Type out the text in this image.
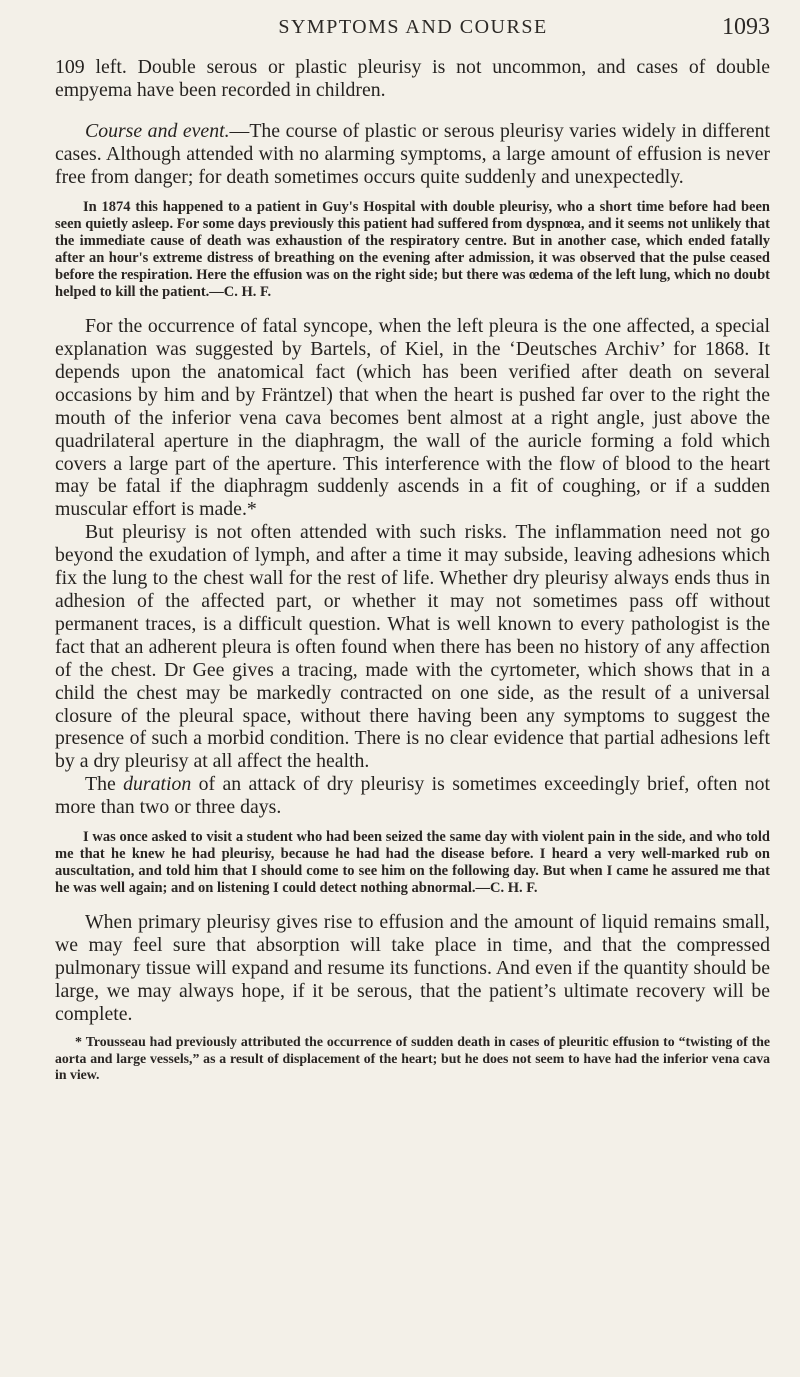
SYMPTOMS AND COURSE	1093

109 left. Double serous or plastic pleurisy is not uncommon, and cases of double empyema have been recorded in children.

Course and event.—The course of plastic or serous pleurisy varies widely in different cases. Although attended with no alarming symptoms, a large amount of effusion is never free from danger; for death sometimes occurs quite suddenly and unexpectedly.

In 1874 this happened to a patient in Guy's Hospital with double pleurisy, who a short time before had been seen quietly asleep. For some days previously this patient had suffered from dyspnœa, and it seems not unlikely that the immediate cause of death was exhaustion of the respiratory centre. But in another case, which ended fatally after an hour's extreme distress of breathing on the evening after admission, it was observed that the pulse ceased before the respiration. Here the effusion was on the right side; but there was œdema of the left lung, which no doubt helped to kill the patient.—C. H. F.

For the occurrence of fatal syncope, when the left pleura is the one affected, a special explanation was suggested by Bartels, of Kiel, in the ‘Deutsches Archiv’ for 1868. It depends upon the anatomical fact (which has been verified after death on several occasions by him and by Fräntzel) that when the heart is pushed far over to the right the mouth of the inferior vena cava becomes bent almost at a right angle, just above the quadrilateral aperture in the diaphragm, the wall of the auricle forming a fold which covers a large part of the aperture. This interference with the flow of blood to the heart may be fatal if the diaphragm suddenly ascends in a fit of coughing, or if a sudden muscular effort is made.*

But pleurisy is not often attended with such risks. The inflammation need not go beyond the exudation of lymph, and after a time it may subside, leaving adhesions which fix the lung to the chest wall for the rest of life. Whether dry pleurisy always ends thus in adhesion of the affected part, or whether it may not sometimes pass off without permanent traces, is a difficult question. What is well known to every pathologist is the fact that an adherent pleura is often found when there has been no history of any affection of the chest. Dr Gee gives a tracing, made with the cyrtometer, which shows that in a child the chest may be markedly contracted on one side, as the result of a universal closure of the pleural space, without there having been any symptoms to suggest the presence of such a morbid condition. There is no clear evidence that partial adhesions left by a dry pleurisy at all affect the health.

The duration of an attack of dry pleurisy is sometimes exceedingly brief, often not more than two or three days.

I was once asked to visit a student who had been seized the same day with violent pain in the side, and who told me that he knew he had pleurisy, because he had had the disease before. I heard a very well-marked rub on auscultation, and told him that I should come to see him on the following day. But when I came he assured me that he was well again; and on listening I could detect nothing abnormal.—C. H. F.

When primary pleurisy gives rise to effusion and the amount of liquid remains small, we may feel sure that absorption will take place in time, and that the compressed pulmonary tissue will expand and resume its functions. And even if the quantity should be large, we may always hope, if it be serous, that the patient’s ultimate recovery will be complete.

* Trousseau had previously attributed the occurrence of sudden death in cases of pleuritic effusion to “twisting of the aorta and large vessels,” as a result of displacement of the heart; but he does not seem to have had the inferior vena cava in view.
